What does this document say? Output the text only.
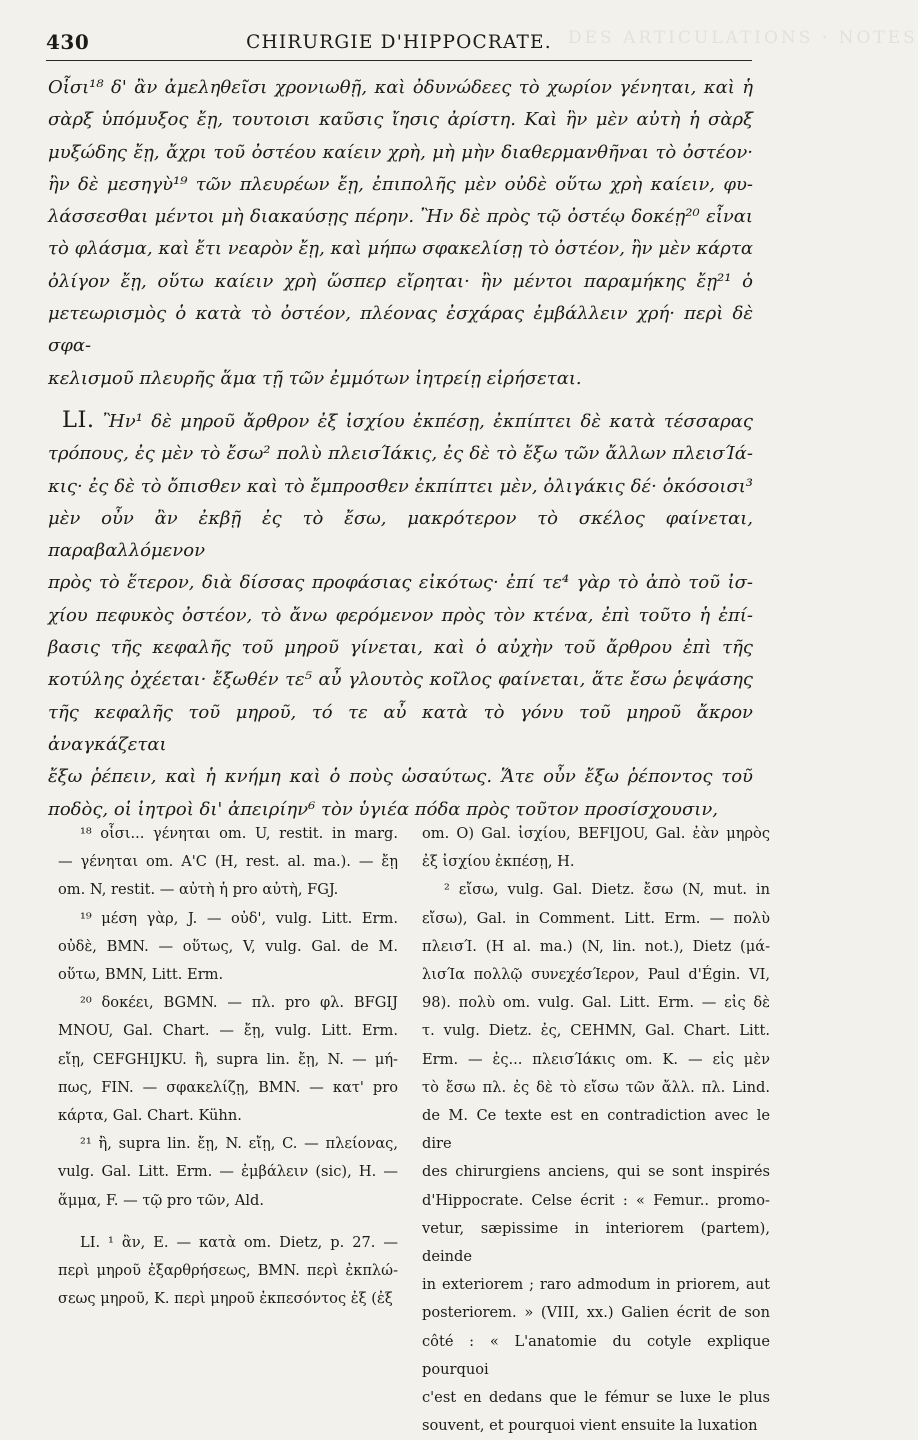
DES ARTICULATIONS · NOTES
430	CHIRURGIE D'HIPPOCRATE.
Οἷσι¹⁸ δ' ἂν ἀμεληθεῖσι χρονιωθῇ, καὶ ὀδυνώδεες τὸ χωρίον γένηται, καὶ ἡ
σὰρξ ὑπόμυξος ἔῃ, τουτοισι καῦσις ἴησις ἀρίστη. Καὶ ἣν μὲν αὐτὴ ἡ σὰρξ
μυξώδης ἔῃ, ἄχρι τοῦ ὀστέου καίειν χρὴ, μὴ μὴν διαθερμανθῆναι τὸ ὀστέον·
ἢν δὲ μεσηγὺ¹⁹ τῶν πλευρέων ἔῃ, ἐπιπολῆς μὲν οὐδὲ οὕτω χρὴ καίειν, φυ-
λάσσεσθαι μέντοι μὴ διακαύσῃς πέρην. Ἢν δὲ πρὸς τῷ ὀστέῳ δοκέῃ²⁰ εἶναι
τὸ φλάσμα, καὶ ἔτι νεαρὸν ἔῃ, καὶ μήπω σφακελίσῃ τὸ ὀστέον, ἢν μὲν κάρτα
ὀλίγον ἔῃ, οὕτω καίειν χρὴ ὥσπερ εἴρηται· ἢν μέντοι παραμήκης ἔῃ²¹ ὁ
μετεωρισμὸς ὁ κατὰ τὸ ὀστέον, πλέονας ἐσχάρας ἐμβάλλειν χρή· περὶ δὲ σφα-
κελισμοῦ πλευρῆς ἅμα τῇ τῶν ἐμμότων ἰητρείῃ εἰρήσεται.
LI. Ἢν¹ δὲ μηροῦ ἄρθρον ἐξ ἰσχίου ἐκπέσῃ, ἐκπίπτει δὲ κατὰ τέσσαρας
τρόπους, ἐς μὲν τὸ ἔσω² πολὺ πλεισΊάκις, ἐς δὲ τὸ ἔξω τῶν ἄλλων πλεισΊά-
κις· ἐς δὲ τὸ ὄπισθεν καὶ τὸ ἔμπροσθεν ἐκπίπτει μὲν, ὀλιγάκις δέ· ὁκόσοισι³
μὲν οὖν ἂν ἐκβῇ ἐς τὸ ἔσω, μακρότερον τὸ σκέλος φαίνεται, παραβαλλόμενον
πρὸς τὸ ἕτερον, διὰ δίσσας προφάσιας εἰκότως· ἐπί τε⁴ γὰρ τὸ ἀπὸ τοῦ ἰσ-
χίου πεφυκὸς ὀστέον, τὸ ἄνω φερόμενον πρὸς τὸν κτένα, ἐπὶ τοῦτο ἡ ἐπί-
βασις τῆς κεφαλῆς τοῦ μηροῦ γίνεται, καὶ ὁ αὐχὴν τοῦ ἄρθρου ἐπὶ τῆς
κοτύλης ὀχέεται· ἔξωθέν τε⁵ αὖ γλουτὸς κοῖλος φαίνεται, ἅτε ἔσω ῥεψάσης
τῆς κεφαλῆς τοῦ μηροῦ, τό τε αὖ κατὰ τὸ γόνυ τοῦ μηροῦ ἄκρον ἀναγκάζεται
ἔξω ῥέπειν, καὶ ἡ κνήμη καὶ ὁ ποὺς ὡσαύτως. Ἅτε οὖν ἔξω ῥέποντος τοῦ
ποδὸς, οἱ ἰητροὶ δι' ἀπειρίην⁶ τὸν ὑγιέα πόδα πρὸς τοῦτον προσίσχουσιν,
¹⁸ οἷσι... γένηται om. U, restit. in marg.
— γένηται om. A'C (H, rest. al. ma.). — ἔῃ
om. N, restit. — αὐτὴ ἡ pro αὐτὴ, FGJ.
¹⁹ μέση γὰρ, J. — οὐδ', vulg. Litt. Erm.
οὐδὲ, BMN. — οὕτως, V, vulg. Gal. de M.
οὕτω, BMN, Litt. Erm.
²⁰ δοκέει, BGMN. — πλ. pro φλ. BFGIJ
MNOU, Gal. Chart. — ἔῃ, vulg. Litt. Erm.
εἴῃ, CEFGHIJKU. ἢ, supra lin. ἔῃ, N. — μή-
πως, FIN. — σφακελίζῃ, BMN. — κατ' pro
κάρτα, Gal. Chart. Kühn.
²¹ ἢ, supra lin. ἔῃ, N. εἴῃ, C. — πλείονας,
vulg. Gal. Litt. Erm. — ἐμβάλειν (sic), H. —
ἅμμα, F. — τῷ pro τῶν, Ald.
LI. ¹ ἂν, E. — κατὰ om. Dietz, p. 27. —
περὶ μηροῦ ἐξαρθρήσεως, BMN. περὶ ἐκπλώ-
σεως μηροῦ, K. περὶ μηροῦ ἐκπεσόντος ἐξ (ἐξ
om. O) Gal. ἰσχίου, BEFIJOU, Gal. ἐὰν μηρὸς
ἐξ ἰσχίου ἐκπέσῃ, H.
² εἴσω, vulg. Gal. Dietz. ἔσω (N, mut. in
εἴσω), Gal. in Comment. Litt. Erm. — πολὺ
πλεισΊ. (H al. ma.) (N, lin. not.), Dietz (μά-
λισΊα πολλῷ συνεχέσΊερον, Paul d'Égin. VI,
98). πολὺ om. vulg. Gal. Litt. Erm. — εἰς δὲ
τ. vulg. Dietz. ἐς, CEHMN, Gal. Chart. Litt.
Erm. — ἐς... πλεισΊάκις om. K. — εἰς μὲν
τὸ ἔσω πλ. ἐς δὲ τὸ εἴσω τῶν ἄλλ. πλ. Lind.
de M. Ce texte est en contradiction avec le dire
des chirurgiens anciens, qui se sont inspirés
d'Hippocrate. Celse écrit : « Femur.. promo-
vetur, sæpissime in interiorem (partem), deinde
in exteriorem ; raro admodum in priorem, aut
posteriorem. » (VIII, xx.) Galien écrit de son
côté : « L'anatomie du cotyle explique pourquoi
c'est en dedans que le fémur se luxe le plus
souvent, et pourquoi vient ensuite la luxation
